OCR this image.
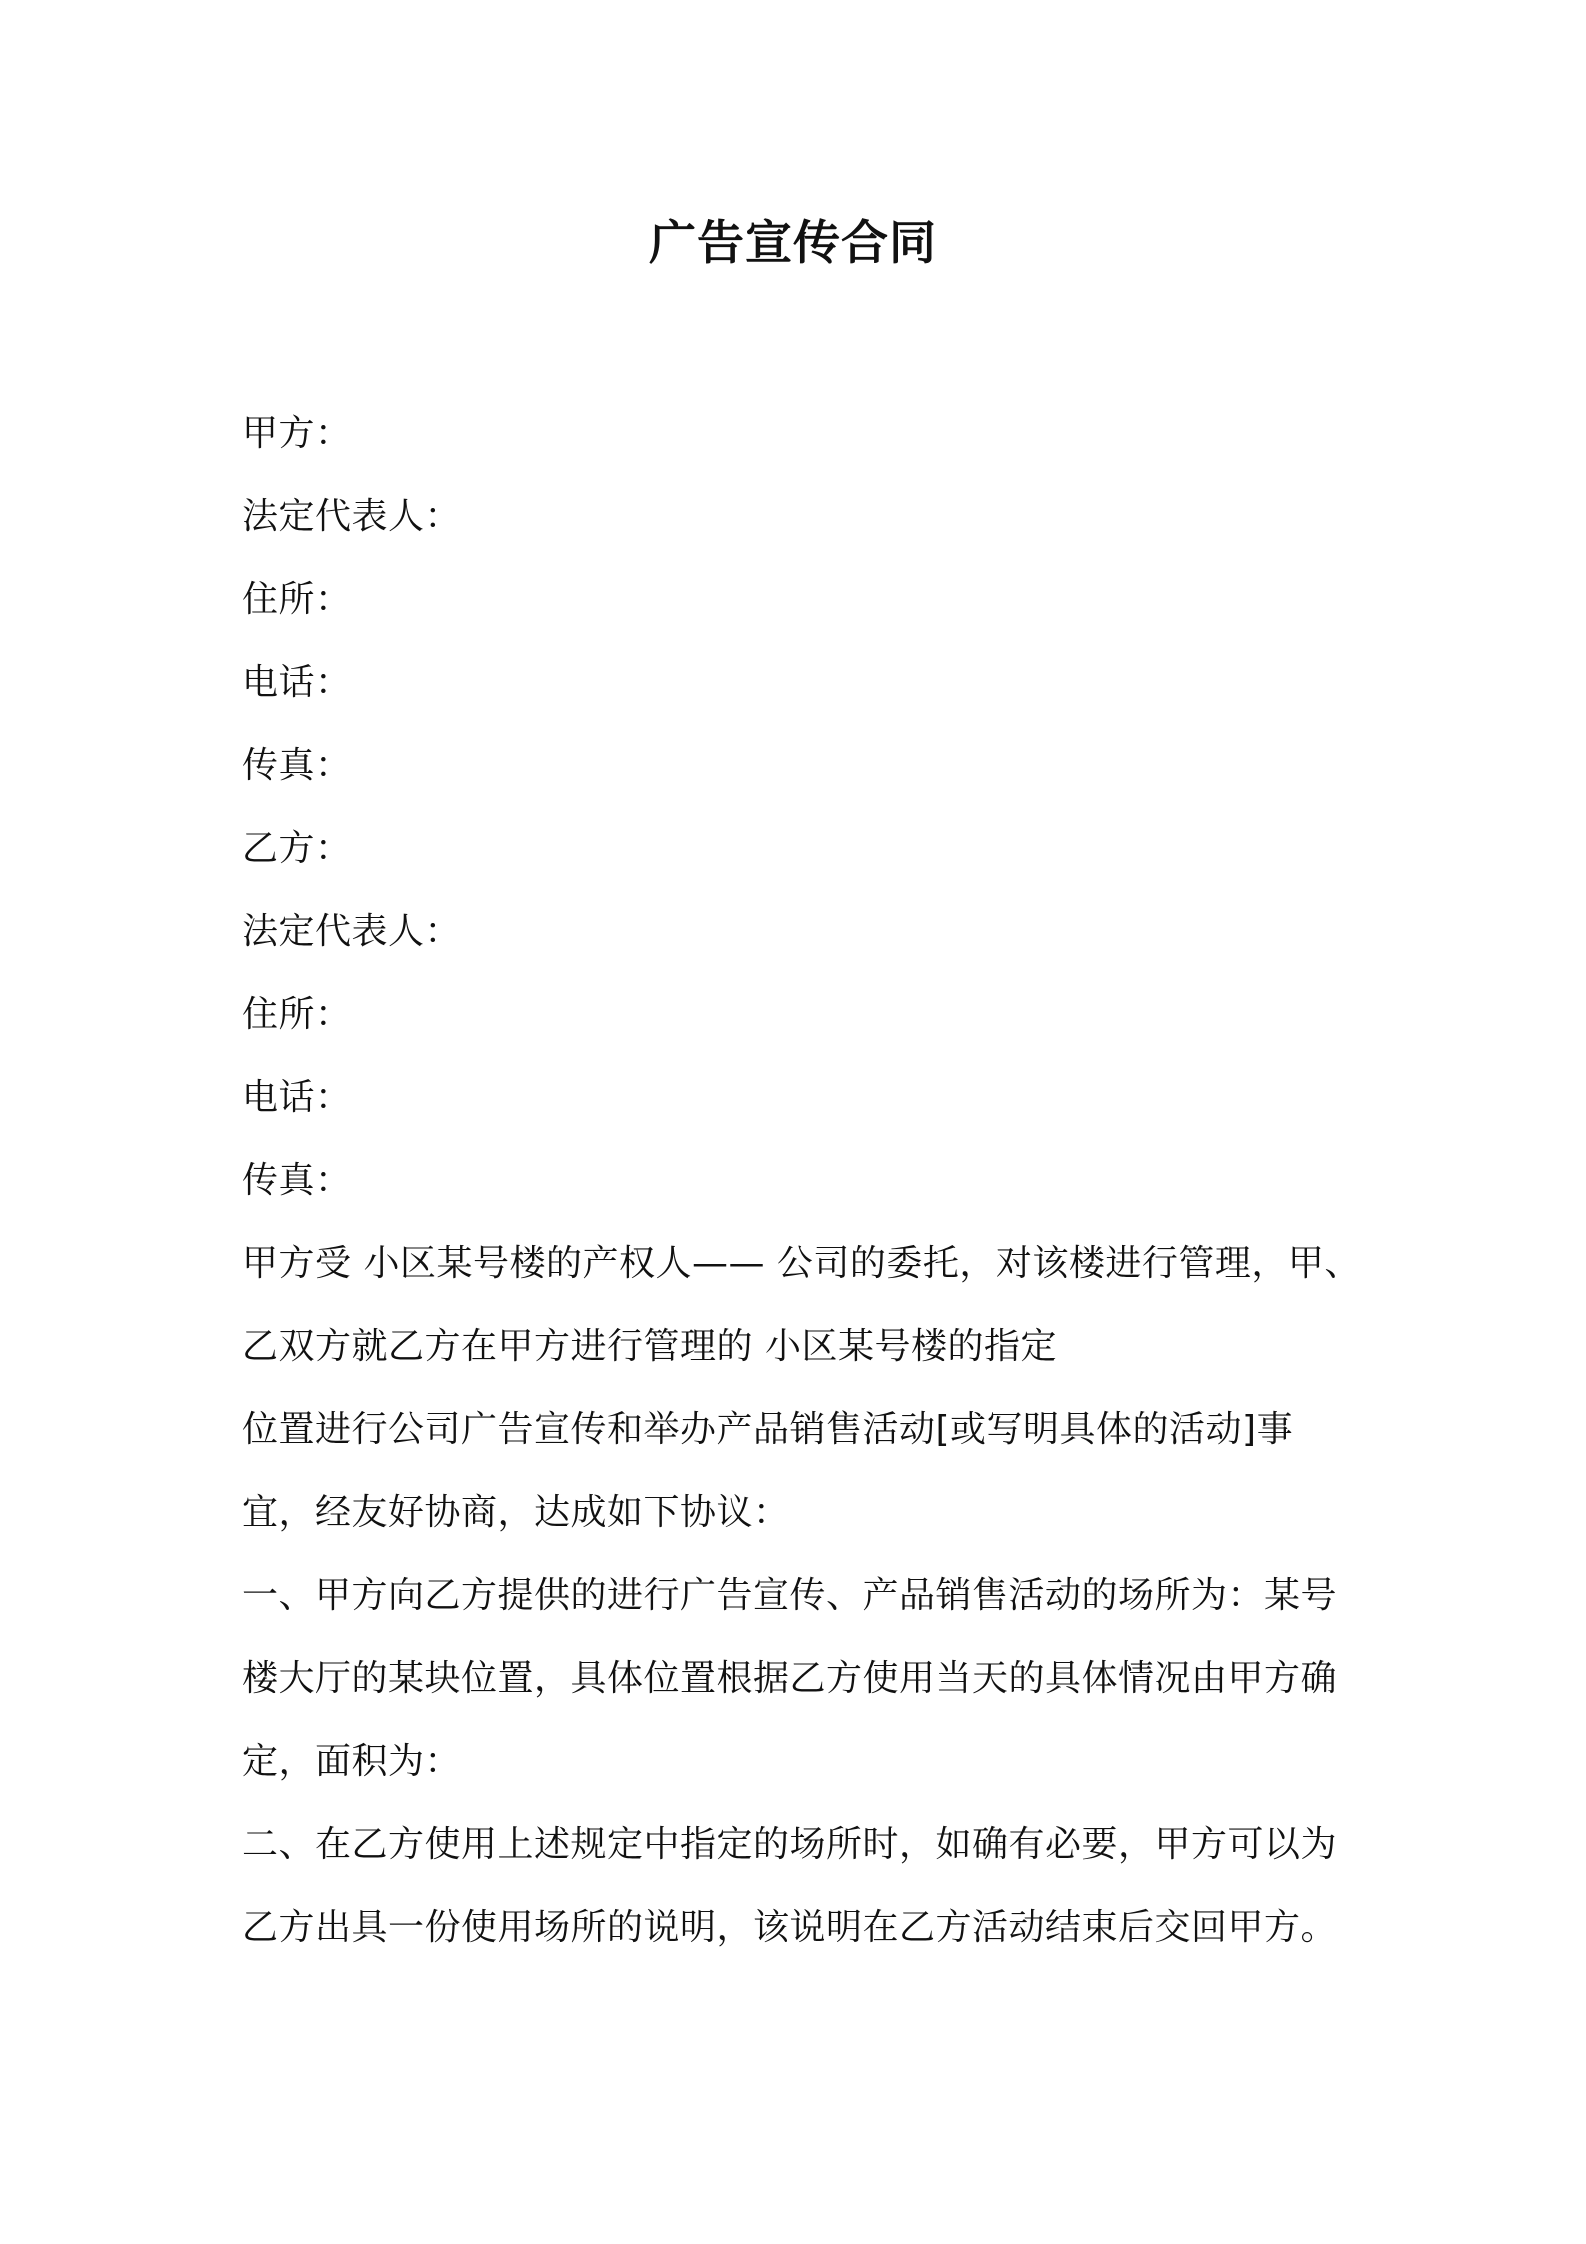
广告宣传合同
甲方：
法定代表人：
住所：
电话：
传真：
乙方：
法定代表人：
住所：
电话：
传真：
甲方受 小区某号楼的产权人—— 公司的委托，对该楼进行管理，甲、
乙双方就乙方在甲方进行管理的 小区某号楼的指定
位置进行公司广告宣传和举办产品销售活动[或写明具体的活动]事
宜，经友好协商，达成如下协议：
一、甲方向乙方提供的进行广告宣传、产品销售活动的场所为：某号
楼大厅的某块位置，具体位置根据乙方使用当天的具体情况由甲方确
定，面积为：
二、在乙方使用上述规定中指定的场所时，如确有必要，甲方可以为
乙方出具一份使用场所的说明，该说明在乙方活动结束后交回甲方。
